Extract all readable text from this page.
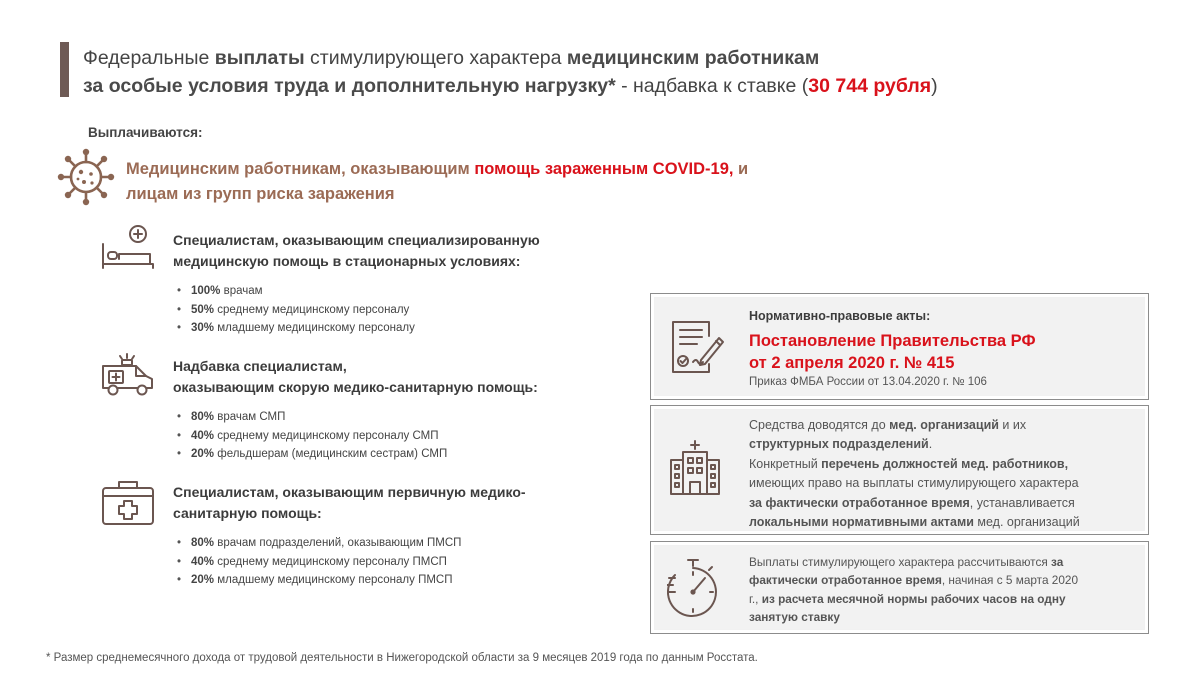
Федеральные выплаты стимулирующего характера медицинским работникам
за особые условия труда и дополнительную нагрузку* - надбавка к ставке (30 744 рубля)
Выплачиваются:
Медицинским работникам, оказывающим помощь зараженным COVID-19, и
лицам из групп риска заражения
Специалистам, оказывающим специализированную
медицинскую помощь в стационарных условиях:
• 100% врачам
• 50% среднему медицинскому персоналу
• 30% младшему медицинскому персоналу
Надбавка специалистам,
оказывающим скорую медико-санитарную помощь:
• 80% врачам СМП
• 40% среднему медицинскому персоналу СМП
• 20% фельдшерам (медицинским сестрам) СМП
Специалистам, оказывающим первичную медико-
санитарную помощь:
• 80% врачам подразделений, оказывающим ПМСП
• 40% среднему медицинскому персоналу ПМСП
• 20% младшему медицинскому персоналу ПМСП
Нормативно-правовые акты:
Постановление Правительства РФ
от 2 апреля 2020 г. № 415
Приказ ФМБА России от 13.04.2020 г. № 106
Средства доводятся до мед. организаций и их
структурных подразделений.
Конкретный перечень должностей мед. работников,
имеющих право на выплаты стимулирующего характера
за фактически отработанное время, устанавливается
локальными нормативными актами мед. организаций
Выплаты стимулирующего характера рассчитываются за
фактически отработанное время, начиная с 5 марта 2020
г., из расчета месячной нормы рабочих часов на одну
занятую ставку
* Размер среднемесячного дохода от трудовой деятельности в Нижегородской области за 9 месяцев 2019 года по данным Росстата.
